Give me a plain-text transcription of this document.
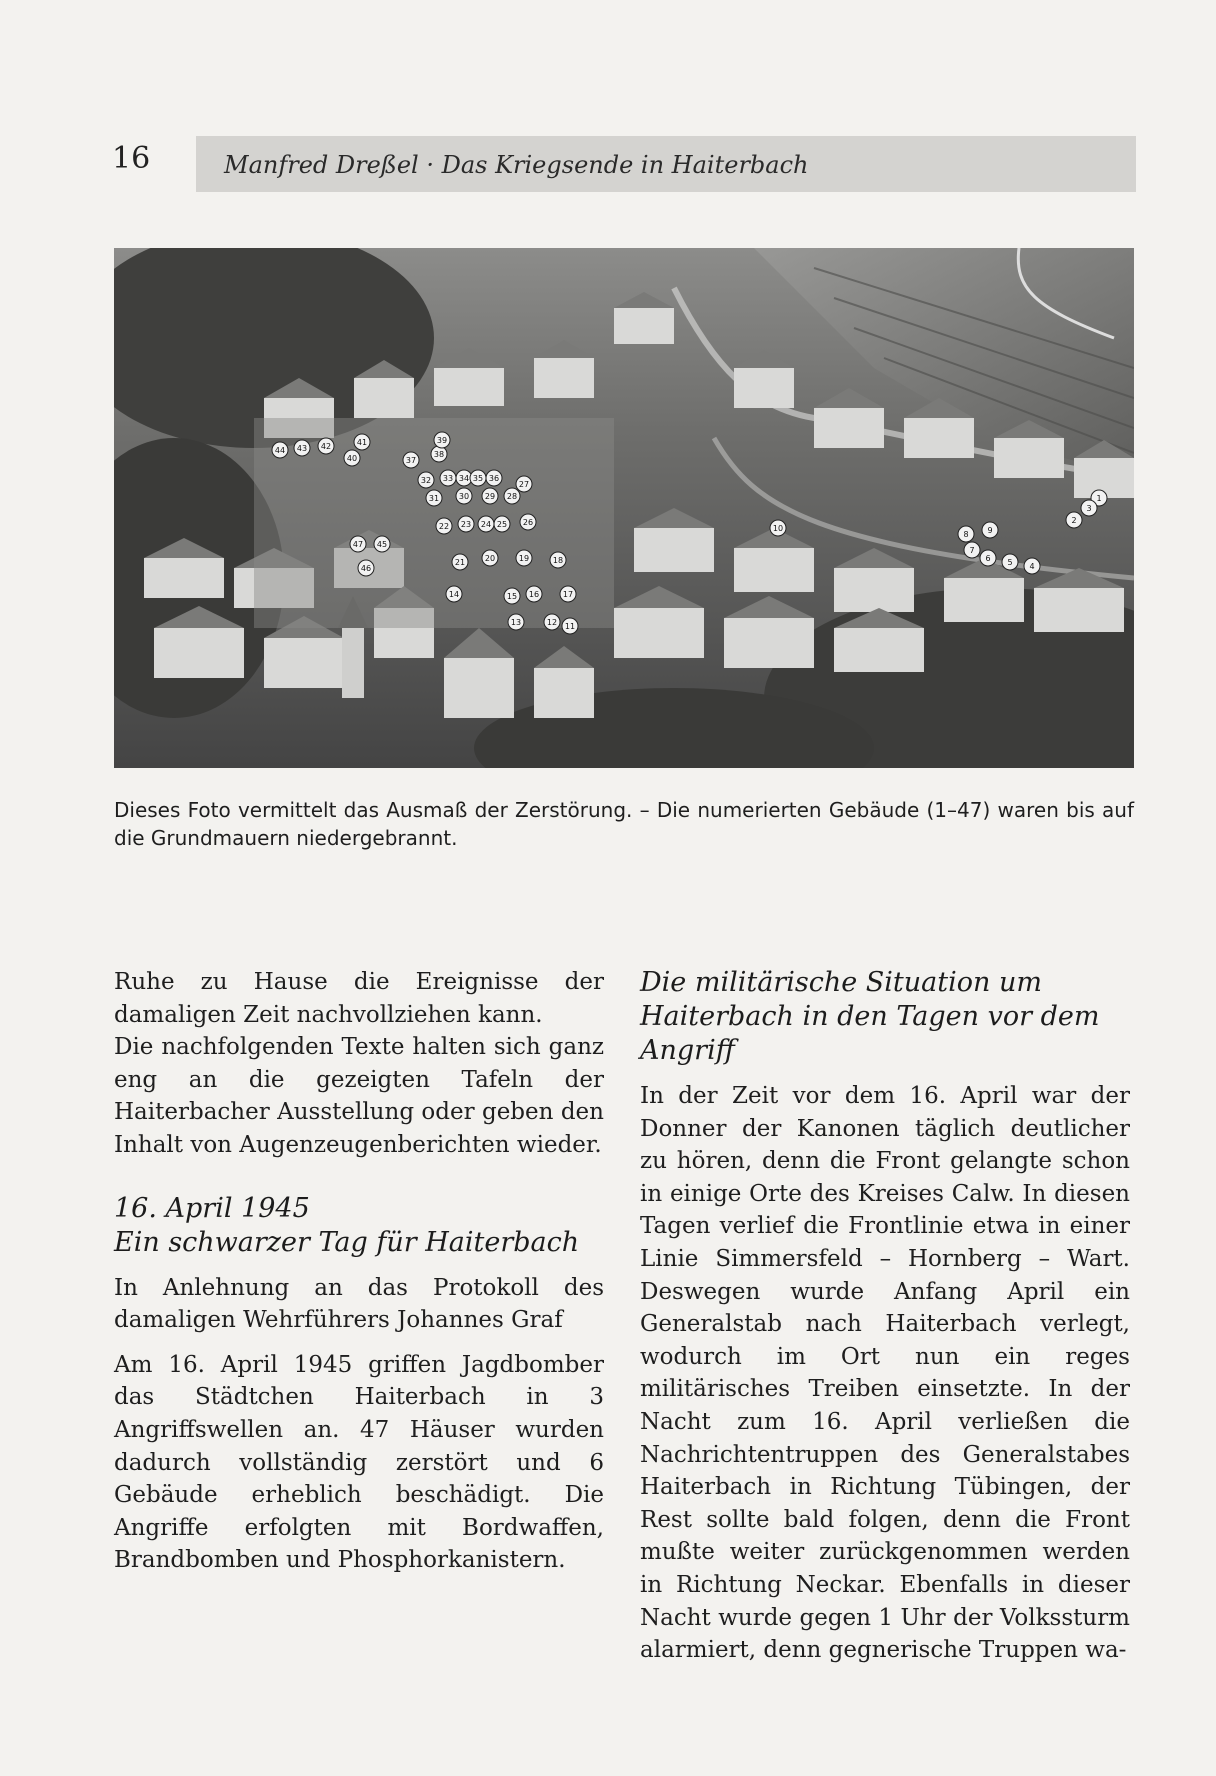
16	Manfred Dreßel · Das Kriegsende in Haiterbach
1
2
3
4
5
6
7
8 9
10
11
12
13
14	15 16	17
18
19
20
21
22 23 24 25 26
27
28
29
30
31
32 33 34 35 36
37
38
39
40
41
42
43
44
45
46
47
Dieses Foto vermittelt das Ausmaß der Zerstörung. – Die numerierten Gebäude (1–47) waren bis auf die Grundmauern niedergebrannt.

Ruhe zu Hause die Ereignisse der damaligen Zeit nachvollziehen kann.

Die nachfolgenden Texte halten sich ganz eng an die gezeigten Tafeln der Haiterbacher Ausstellung oder geben den Inhalt von Augenzeugenberichten wieder.

16. April 1945

Ein schwarzer Tag für Haiterbach

In Anlehnung an das Protokoll des damaligen Wehrführers Johannes Graf

Am 16. April 1945 griffen Jagdbomber das Städtchen Haiterbach in 3 Angriffswellen an. 47 Häuser wurden dadurch vollständig zerstört und 6 Gebäude erheblich beschädigt. Die Angriffe erfolgten mit Bordwaffen, Brandbomben und Phosphorkanistern.

Die militärische Situation um Haiterbach in den Tagen vor dem Angriff

In der Zeit vor dem 16. April war der Donner der Kanonen täglich deutlicher zu hören, denn die Front gelangte schon in einige Orte des Kreises Calw. In diesen Tagen verlief die Frontlinie etwa in einer Linie Simmersfeld – Hornberg – Wart. Deswegen wurde Anfang April ein Generalstab nach Haiterbach verlegt, wodurch im Ort nun ein reges militärisches Treiben einsetzte. In der Nacht zum 16. April verließen die Nachrichtentruppen des Generalstabes Haiterbach in Richtung Tübingen, der Rest sollte bald folgen, denn die Front mußte weiter zurückgenommen werden in Richtung Neckar. Ebenfalls in dieser Nacht wurde gegen 1 Uhr der Volkssturm alarmiert, denn gegnerische Truppen wa-
